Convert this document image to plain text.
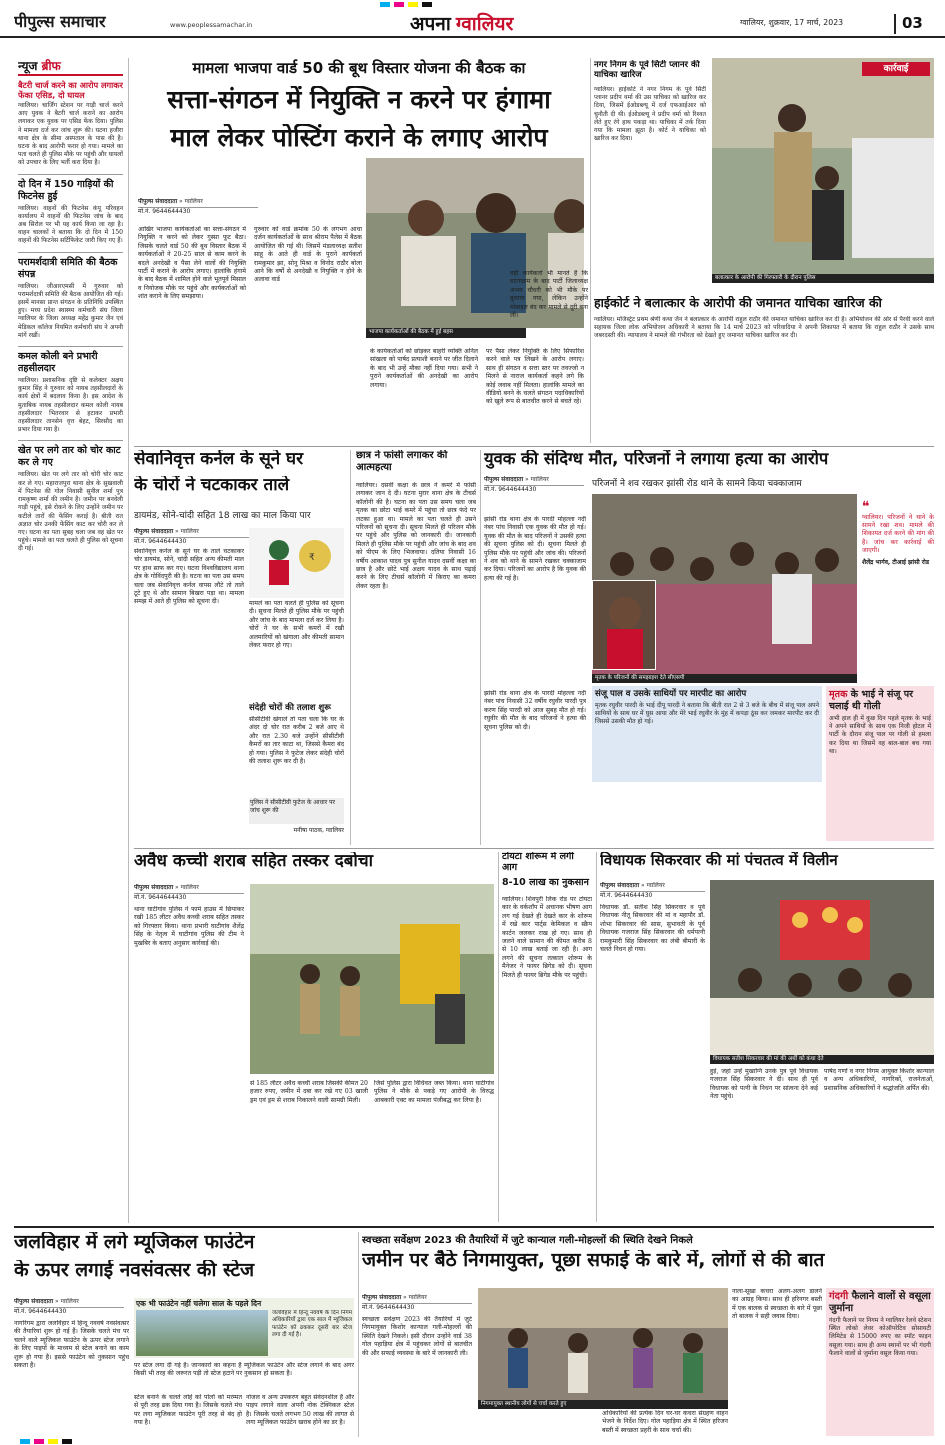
पीपुल्स समाचार	www.peoplessamachar.in	अपना ग्वालियर	ग्वालियर, शुक्रवार, 17 मार्च, 2023	03
न्यूज ब्रीफ
बैटरी चार्ज करने का आरोप लगाकर फेंका एसिड, दो घायल
ग्वालियर। चार्जिंग स्टेशन पर गाड़ी चार्ज करने आए युवक ने बैटरी चार्ज कराने का आरोप लगाकर एक युवक पर एसिड फेंक दिया। पुलिस ने मामला दर्ज कर जांच शुरू की। घटना हजीरा थाना क्षेत्र के सीमा अस्पताल के पास की है। घटना के बाद आरोपी फरार हो गया। मामले का पता चलते ही पुलिस मौके पर पहुंची और घायलों को उपचार के लिए भर्ती करा दिया है।
दो दिन में 150 गाड़ियों की फिटनेस हुई
ग्वालियर। वाहनों की फिटनेस कंपू परिवहन कार्यालय में वाहनों की फिटनेस जांच के बाद अब सिरोल पर भी यह कार्य किया जा रहा है। वाहन चालकों ने बताया कि दो दिन में 150 वाहनों की फिटनेस सर्टिफिकेट जारी किए गए हैं।
परामर्शदात्री समिति की बैठक संपन्न
ग्वालियर। जीआरएमसी में गुरुवार को परामर्शदात्री समिति की बैठक आयोजित की गई। इसमें मानसा प्रान्त संगठन के प्रतिनिधि उपस्थित हुए। मध्य प्रदेश स्वास्थ्य कर्मचारी संघ जिला ग्वालियर के जिला अध्यक्ष महेंद्र कुमार जैन एवं मेडिकल कॉलेज नियमित कर्मचारी संघ ने अपनी मांगें रखीं।
कमल कोली बने प्रभारी तहसीलदार
ग्वालियर। प्रशासनिक दृष्टि से कलेक्टर अक्षय कुमार सिंह ने गुरुवार को नायब तहसीलदारों के कार्य क्षेत्रों में बदलाव किया है। इस आदेश के मुताबिक नायब तहसीलदार कमल कोली नायब तहसीलदार भितरवार से हटाकर प्रभारी तहसीलदार तानसेन वृत्त बेहट, सिरसौद का प्रभार दिया गया है।
खेत पर लगे तार को चोर काट कर ले गए
ग्वालियर। खेत पर लगे तार को चोरी चोर काट कर ले गए। महाराजपुरा थाना क्षेत्र के सुखवाली में पिटनेस की गोल निवासी सुनील शर्मा पुत्र रामकृष्ण शर्मा की जमीन है। जमीन पर बनवेली गाड़ी पहुंचे, इसे रोकने के लिए उन्होंने जमीन पर कटीले तारों की फेंसिंग कराई है। बीती रात अज्ञात चोर उनकी फेंसिंग काट कर चोरी कर ले गए। घटना का पता सुबह चला जब वह खेत पर पहुंचे। मामले का पता चलते ही पुलिस को सूचना दी गई।
मामला भाजपा वार्ड 50 की बूथ विस्तार योजना की बैठक का
सत्ता-संगठन में नियुक्ति न करने पर हंगामा
माल लेकर पोस्टिंग कराने के लगाए आरोप
पीपुल्स संवाददाता » ग्वालियर
मो.नं. 9644644430
भाजपा कार्यकर्ताओं की बैठक में हुई बहस
आखिर भाजपा कार्यकर्ताओं का सत्ता-संगठन में नियुक्ति न करने को लेकर गुस्सा फूट बैठा। जिसके चलते वार्ड 50 की बूथ विस्तार बैठक में कार्यकर्ताओं ने 20-25 साल से काम करने के बदले अनदेखी व पैसा लेने वालों की नियुक्ति पार्टी में कराने के आरोप लगाए। हालांकि हंगामे के बाद बैठक में शामिल होने वाले भूतपूर्व मिसाल व नियोजक मौके पर पहुंचे और कार्यकर्ताओं को शांत कराने के लिए समझाया।
गुरुवार को वार्ड क्रमांक 50 के लगभग आधा दर्जन कार्यकर्ताओं के साथ श्रीराम पैलेस में बैठक आयोजित की गई थी। जिसमें मंडलाध्यक्ष सतीश साहू के आते ही वार्ड के पुराने कार्यकर्ता रामकुमार झा, सोनू मिश्रा व विनोद राठौर बोला आने कि वर्षों से अनदेखी व नियुक्ति न होने के अलावा वार्ड
के कार्यकर्ताओं को छोड़कर बाहरी व्यक्ति अनिल सांखला को पार्षद प्रत्याशी बनाने पर जीत दिलाने के बाद भी उन्हें मौका नहीं दिया गया। सभी ने पुराने कार्यकर्ताओं की अनदेखी का आरोप लगाया।
पर पैसा लेकर नियुक्ति के लिए सिफारिश करने वाले पत्र लिखने के आरोप लगाए। साथ ही संगठन व सत्ता स्तर पर तवज्जो न मिलने से नाराज कार्यकर्ता कहने लगे कि कोई जवाब नहीं मिलता। हालांकि मामले का वीडियो बनने के चलते संगठन पदाधिकारियों को खुले रूप से बातचीत करने से बचते रहे।
वहीं कार्यकर्ता भी मानते हैं कि घटनाक्रम के बाद पार्टी जिलाध्यक्ष अभय चौधरी को भी मौके पर बुलाया गया, लेकिन उन्होंने मोबाइल बंद कर मामले से दूरी बना ली।
नगर निगम के पूर्व सिटी प्लानर की याचिका खारिज
ग्वालियर। हाईकोर्ट ने नगर निगम के पूर्व सिटी प्लानर प्रदीप वर्मा की उस याचिका को खारिज कर दिया, जिसमें ईओडब्ल्यू में दर्ज एफआईआर को चुनौती दी थी। ईओडब्ल्यू ने प्रदीप वर्मा को रिश्वत लेते हुए रंगे हाथ पकड़ा था। याचिका में तर्क दिया गया कि मामला झूठा है। कोर्ट ने याचिका को खारिज कर दिया।
कार्रवाई
बलात्कार के आरोपी की गिरफ्तारी के दौरान पुलिस
हाईकोर्ट ने बलात्कार के आरोपी की जमानत याचिका खारिज की
ग्वालियर। मजिस्ट्रेट प्रथम श्रेणी कथा जैन ने बलात्कार के आरोपी राहुल राठौर की जमानत याचिका खारिज कर दी है। अभियोजन की ओर से पैरवी करने वाले सहायक जिला लोक अभियोजन अधिकारी ने बताया कि 14 मार्च 2023 को परिवादिया ने अपनी शिकायत में बताया कि राहुल राठौर ने उसके साथ जबरदस्ती की। न्यायालय ने मामले की गंभीरता को देखते हुए जमानत याचिका खारिज कर दी।
सेवानिवृत्त कर्नल के सूने घर
के चोरों ने चटकाकर ताले
डायमंड, सोने-चांदी सहित 18 लाख का माल किया पार
पीपुल्स संवाददाता » ग्वालियर
मो.नं. 9644644430
₹
सेवानिवृत्त कर्नल के सूने घर के ताले चटकाकर चोर डायमंड, सोने, चांदी सहित अन्य कीमती माल पर हाथ साफ कर गए। घटना विश्वविद्यालय थाना क्षेत्र के गोविंदपुरी की है। घटना का पता उस समय चला जब सेवानिवृत्त कर्नल वापस लौटे तो ताले टूटे हुए थे और सामान बिखरा पड़ा था। मामला समझ में आते ही पुलिस को सूचना दी।	मामले का पता चलते ही पुलिस को सूचना दी। सूचना मिलते ही पुलिस मौके पर पहुंची और जांच के बाद मामला दर्ज कर लिया है। चोरों ने घर के सभी कमरों में रखी अलमारियों को खंगाला और कीमती सामान लेकर फरार हो गए।
संदेही चोरों की तलाश शुरू
सीसीटीवी खंगाले तो पता चला कि घर के अंदर दो चोर रात करीब 2 बजे आए थे और रात 2.30 बजे उन्होंने सीसीटीवी कैमरों का तार काटा था, जिससे कैमरा बंद हो गया। पुलिस ने फुटेज लेकर संदेही चोरों की तलाश शुरू कर दी है।
पुलिस ने सीसीटीवी फुटेज के आधार पर जांच शुरू की
मनीषा पाठक, ग्वालियर
छात्र ने फांसी लगाकर की आत्महत्या
ग्वालियर। दसवीं कक्षा के छात्र ने कमरे में फांसी लगाकर जान दे दी। घटना मुरार थाना क्षेत्र के टीचर्स कॉलोनी की है। घटना का पता उस समय चला जब मृतक का छोटा भाई कमरे में पहुंचा तो छात्र फंदे पर लटका हुआ था। मामले का पता चलते ही उसने परिजनों को सूचना दी। सूचना मिलते ही परिजन मौके पर पहुंचे और पुलिस को जानकारी दी। जानकारी मिलते ही पुलिस मौके पर पहुंची और जांच के बाद शव को पीएम के लिए भिजवाया। दतिया निवासी 16 वर्षीय आकाश यादव पुत्र सुनील यादव दसवीं कक्षा का छात्र है और छोटे भाई अक्षय यादव के साथ पढ़ाई करने के लिए टीचर्स कॉलोनी में किराए का कमरा लेकर रहता है।
युवक की संदिग्ध मौत, परिजनों ने लगाया हत्या का आरोप
परिजनों ने शव रखकर झांसी रोड थाने के सामने किया चक्काजाम
पीपुल्स संवाददाता » ग्वालियर
मो.नं. 9644644430
झांसी रोड थाना क्षेत्र के पारदी मोहल्ला नदी नंबर पांच निवासी एक युवक की मौत हो गई। युवक की मौत के बाद परिजनों ने उसकी हत्या की सूचना पुलिस को दी। सूचना मिलते ही पुलिस मौके पर पहुंची और जांच की। परिजनों ने शव को थाने के सामने रखकर चक्काजाम कर दिया। परिजनों का आरोप है कि युवक की हत्या की गई है।
मृतक के परिजनों की समझाइश देते सीएसपी
❝
ग्वालियर। परिजनों ने थाने के सामने रखा शव। मामले की शिकायत दर्ज करने की मांग की है। जांच कर कार्रवाई की जाएगी।
शैलेंद्र भार्गव, टीआई झांसी रोड
संजू पाल व उसके साथियों पर मारपीट का आरोप
मृतक रघुवीर पारदी के भाई दीपू पारदी ने बताया कि बीती रात 2 से 3 बजे के बीच में संजू पाल अपने साथियों के साथ घर में घुस आया और मेरे भाई रघुवीर के मुंह में कपड़ा ठूंस कर जमकर मारपीट कर दी जिससे उसकी मौत हो गई।
झांसी रोड थाना क्षेत्र के पारदी मोहल्ला नदी नंबर पांच निवासी 32 वर्षीय रघुवीर पारदी पुत्र करण सिंह पारदी को आज सुबह मौत हो गई। रघुवीर की मौत के बाद परिजनों ने हत्या की सूचना पुलिस को दी।
मृतक के भाई ने संजू पर चलाई थी गोली
अभी हाल ही में कुछ दिन पहले मृतक के भाई ने अपने साथियों के साथ एक निजी होटल में पार्टी के दौरान संजू पाल पर गोली से हमला कर दिया था जिसमें वह बाल-बाल बच गया था।
अवैध कच्ची शराब सहित तस्कर दबोचा
पीपुल्स संवाददाता » ग्वालियर
मो.नं. 9644644430
थाना घाटीगांव पुलिस ने फार्म हाउस में छिपाकर रखी 185 लीटर अवैध कच्ची शराब सहित तस्कर को गिरफ्तार किया। थाना प्रभारी घाटीगांव शैलेंद्र सिंह के नेतृत्व में घाटीगांव पुलिस की टीम ने मुखबिर के बताए अनुसार कार्रवाई की।
से 185 लीटर अवैध कच्ची शराब जिसकी कीमत 20 हजार रुपए, जमीन में दबा कर रखे गए 03 खाली ड्रम एवं ड्रम से शराब निकालने वाली सामग्री मिली।
जिसे पुलिस द्वारा विधिवत जब्त किया। थाना घाटीगांव पुलिस ने मौके से पकड़े गए आरोपी के विरुद्ध आबकारी एक्ट का मामला पंजीबद्ध कर लिया है।
टोयटा शोरूम में लगी आग
8-10 लाख का नुकसान
ग्वालियर। शिवपुरी लिंक रोड पर टोयटा कार के वर्कशॉप में अचानक भीषण आग लग गई देखते ही देखते कार के शोरूम में रखे कार पार्ट्स केमिकल व स्क्रैप कार्टन जलकर राख हो गए। साथ ही जलने वाले सामान की कीमत करीब 8 से 10 लाख बताई जा रही है। आग लगने की सूचना तत्काल शोरूम के मैनेजर ने फायर ब्रिगेड को दी। सूचना मिलते ही फायर ब्रिगेड मौके पर पहुंची।
विधायक सिकरवार की मां पंचतत्व में विलीन
पीपुल्स संवाददाता » ग्वालियर
मो.नं. 9644644430
विधायक सतीश सिकरवार की मां की अर्थी को कंधा देते
विधायक डॉ. सतीश सिंह सिकरवार व पूर्व विधायक नीतू सिकरवार की मां व महापौर डॉ. शोभा सिकरवार की सास, सुभावती के पूर्व विधायक गजराज सिंह सिकरवार की धर्मपत्नी रामकुमारी सिंह सिकरवार का लंबी बीमारी के चलते निधन हो गया।
हुई, जहां उन्हें मुखाग्नि उनके पुत्र पूर्व विधायक गजराज सिंह सिकरवार ने दी। साथ ही पूर्व विधायक को पत्नी के निधन पर सांत्वना देने कई नेता पहुंचे।
पार्षद गणों व नगर निगम आयुक्त किशोर कान्याल व अन्य अधिकारियों, नागरिकों, राजनेताओं, प्रशासनिक अधिकारियों ने श्रद्धांजलि अर्पित की।
जलविहार में लगे म्यूजिकल फाउंटेन
के ऊपर लगाई नवसंवत्सर की स्टेज
पीपुल्स संवाददाता » ग्वालियर
मो.नं. 9644644430
नागरिगम द्वारा जलविहार में हिन्दू नववर्ष नवसंवत्सर की तैयारियां शुरू हो गई हैं। जिसके चलते मंच पर चलने वाले म्यूजिकल फाउंटेन के ऊपर स्टेज लगाने के लिए पाइपों के माध्यम से स्टेज बनाने का काम शुरू हो गया है। इससे फाउंटेन को नुकसान पहुंच सकता है।
एक भी फाउंटेन नहीं चलेगा साल के पहले दिन
जलविहार में हिन्दू नववर्ष के दिन निगम अधिकारियों द्वारा एक साल में म्यूजिकल फाउंटेन को ढककर दूसरी बार स्टेज लगा दी गई है।
पर स्टेज लगा दी गई है। जानकारों का कहना है म्यूजिकल फाउंटेन और स्टेज लगाने के बाद अगर किसी भी तरह की जरूरत पड़ी तो स्टेज हटाने पर नुकसान हो सकता है।
स्टेज बनाने के चलते लोहे को पोलों को मरम्मत से पूरी तरह ढक दिया गया है। जिसके चलते मंच पर लगा म्यूजिकल फाउंटेन पूरी तरह से बंद हो गया है।
नोजल व अन्य उपकरण बहुत संवेदनशील हैं और पाइप लगाने वाला अपनी नोक टेक्निकल स्टेज है। जिसके चलते लगभग 50 लाख की लागत से लगा म्यूजिकल फाउंटेन खराब होने का डर है।
स्वच्छता सर्वेक्षण 2023 की तैयारियों में जुटे कान्याल गली-मोहल्लों की स्थिति देखने निकले
जमीन पर बैठे निगमायुक्त, पूछा सफाई के बारे में, लोगों से की बात
पीपुल्स संवाददाता » ग्वालियर
मो.नं. 9644644430
स्वच्छता सर्वेक्षण 2023 की तैयारियों में जुटे निगमायुक्त किशोर कान्याल गली-मोहल्लों की स्थिति देखने निकले। इसी दौरान उन्होंने वार्ड 38 गोल पहाड़िया क्षेत्र में पहुंचकर लोगों से बातचीत की और सफाई व्यवस्था के बारे में जानकारी ली।
निगमायुक्त स्थानीय लोगों से चर्चा करते हुए
अधिकारियों की प्रत्येक दिन घर-घर कचरा संग्रहण वाहन भेजने के निर्देश दिए। गोल पहाड़िया क्षेत्र में स्थित हरिजन बस्ती में स्वच्छता प्रहरी के साथ चर्चा की।
नाला-सूखा कचरा अलग-अलग डालने का आग्रह किया। साथ ही हरिनगर बस्ती में एक बालक से स्वच्छता के बारे में पूछा तो बालक ने सही जवाब दिया।
गंदगी फैलाने वालों से वसूला जुर्माना
गंदगी फैलाने पर निगम ने ग्वालियर रेलवे स्टेशन स्थित लोको लेवर कोऑपरेटिव सोसायटी लिमिटेड से 15000 रुपए का स्पॉट फाइन वसूला गया। साथ ही अन्य स्थानों पर भी गंदगी फैलाने वालों से जुर्माना वसूल किया गया।
